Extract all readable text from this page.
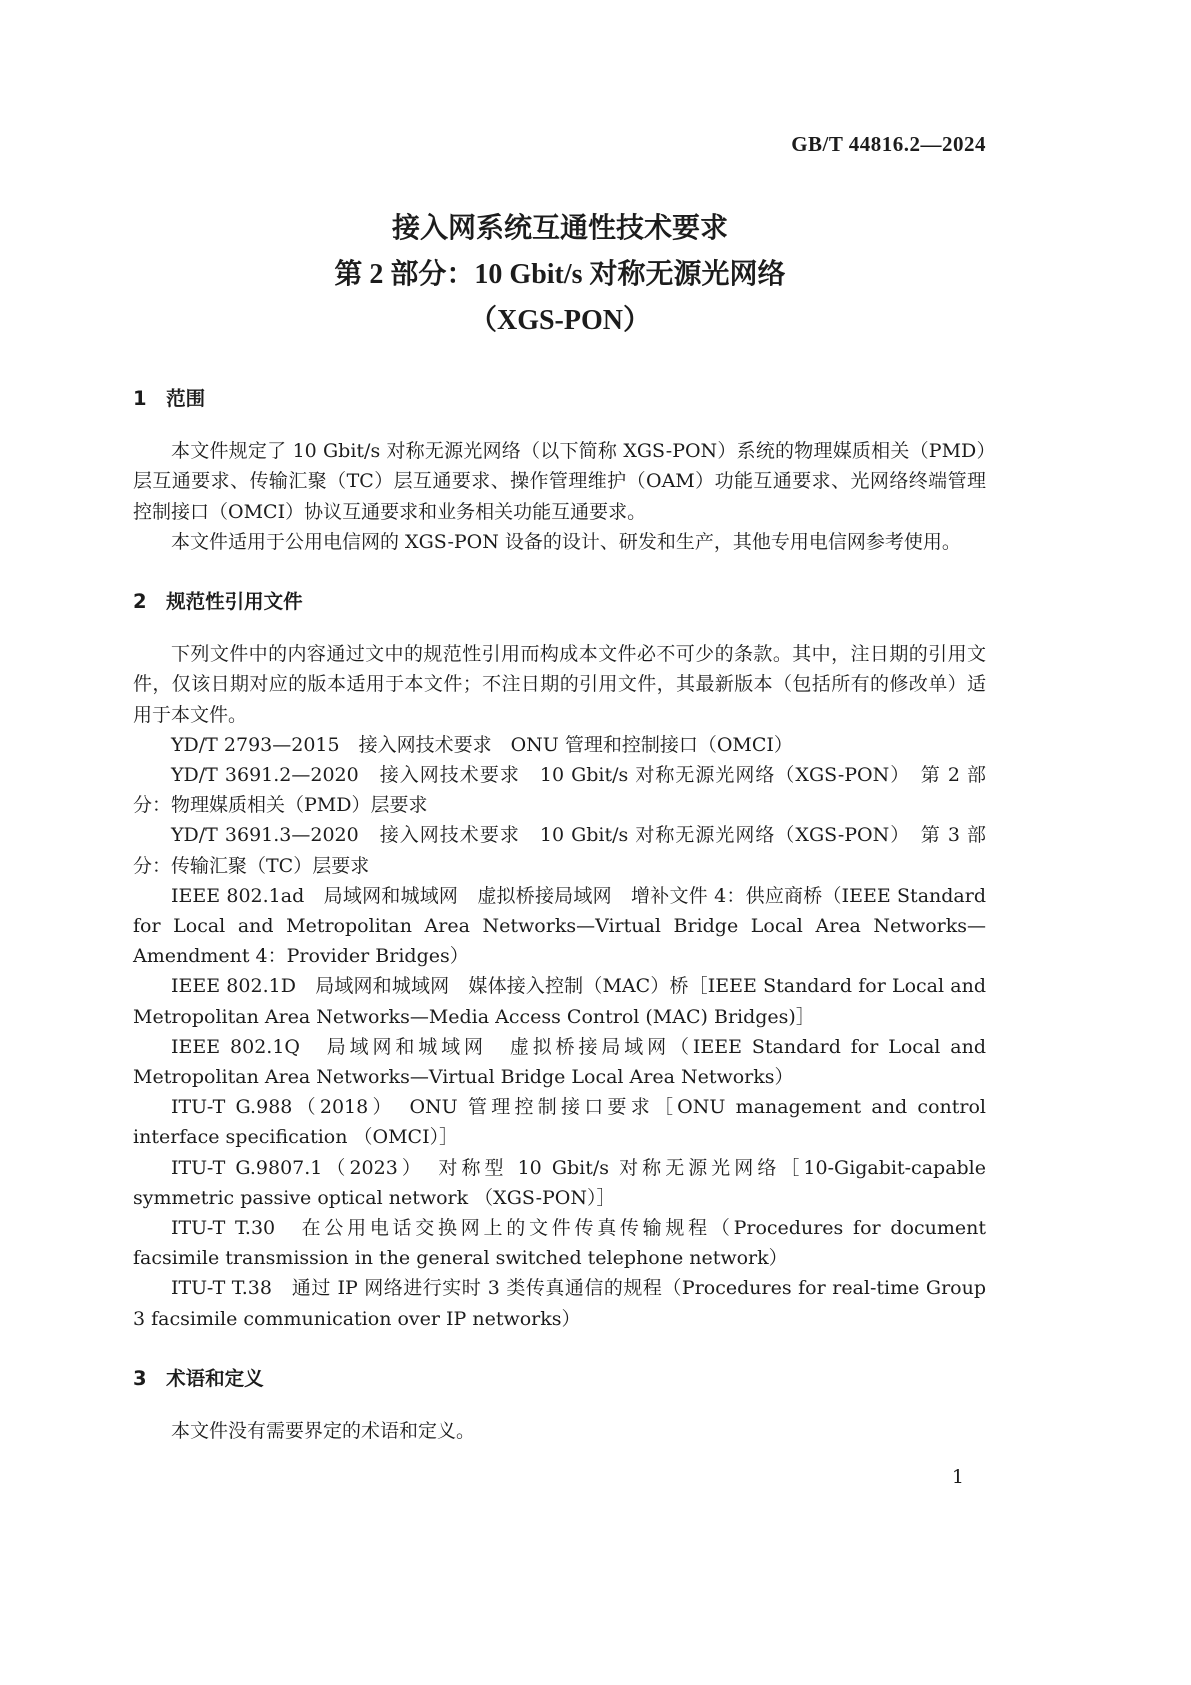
GB/T 44816.2—2024
接入网系统互通性技术要求
第 2 部分：10 Gbit/s 对称无源光网络
（XGS-PON）
1　范围

本文件规定了 10 Gbit/s 对称无源光网络（以下简称 XGS-PON）系统的物理媒质相关（PMD）层互通要求、传输汇聚（TC）层互通要求、操作管理维护（OAM）功能互通要求、光网络终端管理控制接口（OMCI）协议互通要求和业务相关功能互通要求。

本文件适用于公用电信网的 XGS-PON 设备的设计、研发和生产，其他专用电信网参考使用。

2　规范性引用文件

下列文件中的内容通过文中的规范性引用而构成本文件必不可少的条款。其中，注日期的引用文件，仅该日期对应的版本适用于本文件；不注日期的引用文件，其最新版本（包括所有的修改单）适用于本文件。

YD/T 2793—2015　接入网技术要求　ONU 管理和控制接口（OMCI）

YD/T 3691.2—2020　接入网技术要求　10 Gbit/s 对称无源光网络（XGS-PON）　第 2 部分：物理媒质相关（PMD）层要求

YD/T 3691.3—2020　接入网技术要求　10 Gbit/s 对称无源光网络（XGS-PON）　第 3 部分：传输汇聚（TC）层要求

IEEE 802.1ad　局域网和城域网　虚拟桥接局域网　增补文件 4：供应商桥（IEEE Standard for Local and Metropolitan Area Networks—Virtual Bridge Local Area Networks—Amendment 4：Provider Bridges）

IEEE 802.1D　局域网和城域网　媒体接入控制（MAC）桥［IEEE Standard for Local and Metropolitan Area Networks—Media Access Control (MAC) Bridges)］

IEEE 802.1Q　局域网和城域网　虚拟桥接局域网（IEEE Standard for Local and Metropolitan Area Networks—Virtual Bridge Local Area Networks）

ITU-T G.988（2018）　ONU 管理控制接口要求［ONU management and control interface specification （OMCI）］

ITU-T G.9807.1（2023）　对称型 10 Gbit/s 对称无源光网络［10-Gigabit-capable symmetric passive optical network （XGS-PON）］

ITU-T T.30　在公用电话交换网上的文件传真传输规程（Procedures for document facsimile transmission in the general switched telephone network）

ITU-T T.38　通过 IP 网络进行实时 3 类传真通信的规程（Procedures for real-time Group 3 facsimile communication over IP networks）

3　术语和定义

本文件没有需要界定的术语和定义。

1
